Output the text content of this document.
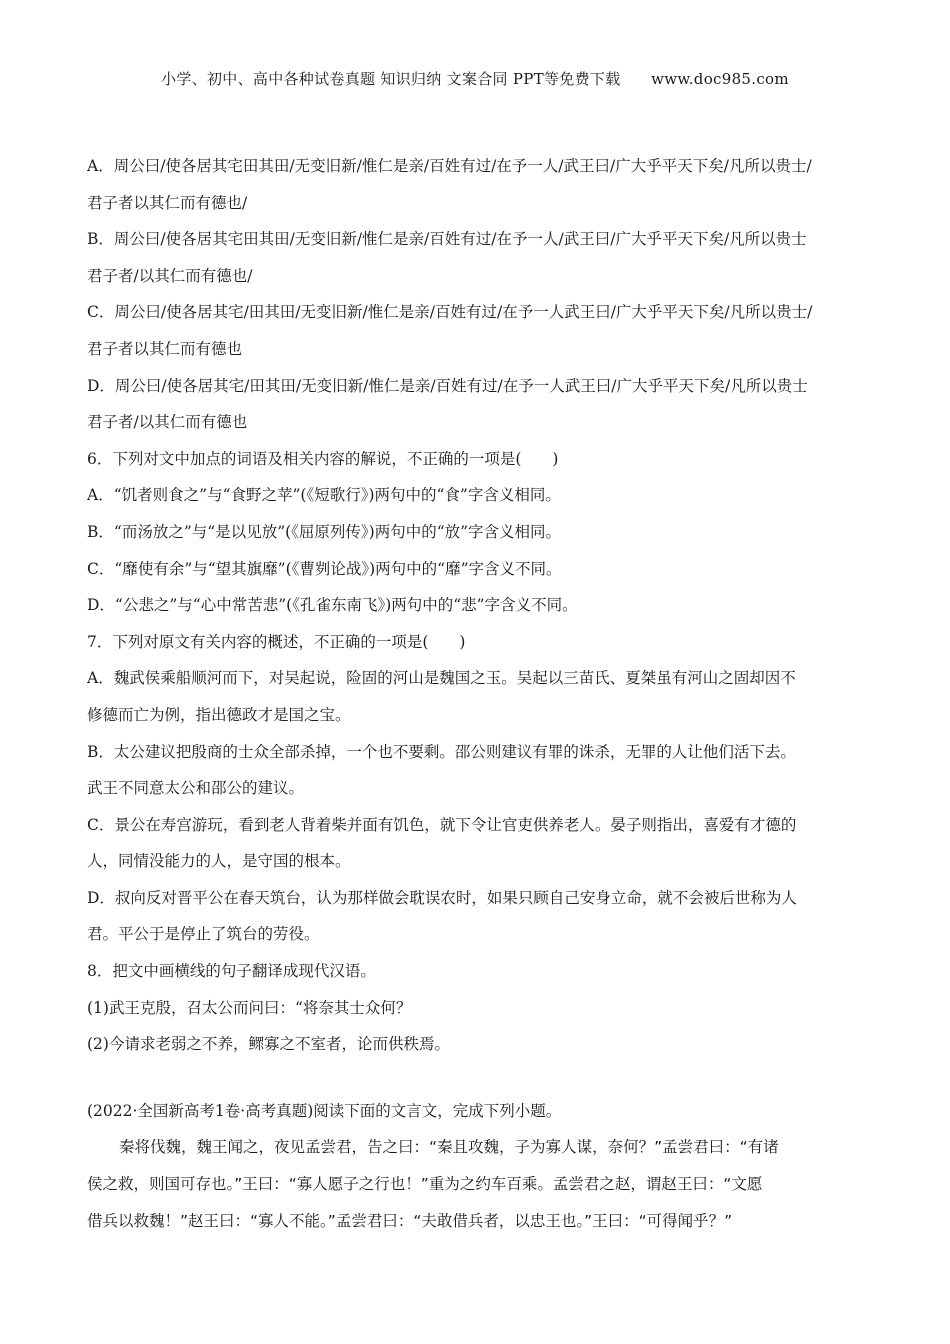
小学、初中、高中各种试卷真题 知识归纳 文案合同 PPT等免费下载　　www.doc985.com
A．周公曰/使各居其宅田其田/无变旧新/惟仁是亲/百姓有过/在予一人/武王曰/广大乎平天下矣/凡所以贵士/
君子者以其仁而有德也/
B．周公曰/使各居其宅田其田/无变旧新/惟仁是亲/百姓有过/在予一人/武王曰/广大乎平天下矣/凡所以贵士
君子者/以其仁而有德也/
C．周公曰/使各居其宅/田其田/无变旧新/惟仁是亲/百姓有过/在予一人武王曰/广大乎平天下矣/凡所以贵士/
君子者以其仁而有德也
D．周公曰/使各居其宅/田其田/无变旧新/惟仁是亲/百姓有过/在予一人武王曰/广大乎平天下矣/凡所以贵士
君子者/以其仁而有德也
6．下列对文中加点的词语及相关内容的解说，不正确的一项是(　　)
A．“饥者则食之”与“食野之苹”(《短歌行》)两句中的“食”字含义相同。
B．“而汤放之”与“是以见放”(《屈原列传》)两句中的“放”字含义相同。
C．“靡使有余”与“望其旗靡”(《曹刿论战》)两句中的“靡”字含义不同。
D．“公悲之”与“心中常苦悲”(《孔雀东南飞》)两句中的“悲”字含义不同。
7．下列对原文有关内容的概述，不正确的一项是(　　)
A．魏武侯乘船顺河而下，对吴起说，险固的河山是魏国之玉。吴起以三苗氏、夏桀虽有河山之固却因不
修德而亡为例，指出德政才是国之宝。
B．太公建议把殷商的士众全部杀掉，一个也不要剩。邵公则建议有罪的诛杀，无罪的人让他们活下去。
武王不同意太公和邵公的建议。
C．景公在寿宫游玩，看到老人背着柴并面有饥色，就下令让官吏供养老人。晏子则指出，喜爱有才德的
人，同情没能力的人，是守国的根本。
D．叔向反对晋平公在春天筑台，认为那样做会耽误农时，如果只顾自己安身立命，就不会被后世称为人
君。平公于是停止了筑台的劳役。
8．把文中画横线的句子翻译成现代汉语。
(1)武王克殷，召太公而问曰：“将奈其士众何？
(2)今请求老弱之不养，鳏寡之不室者，论而供秩焉。
(2022·全国新高考1卷·高考真题)阅读下面的文言文，完成下列小题。
秦将伐魏，魏王闻之，夜见孟尝君，告之曰：“秦且攻魏，子为寡人谋，奈何？”孟尝君曰：“有诸
侯之救，则国可存也。”王曰：“寡人愿子之行也！”重为之约车百乘。孟尝君之赵，谓赵王曰：“文愿
借兵以救魏！”赵王曰：“寡人不能。”孟尝君曰：“夫敢借兵者，以忠王也。”王曰：“可得闻乎？”
